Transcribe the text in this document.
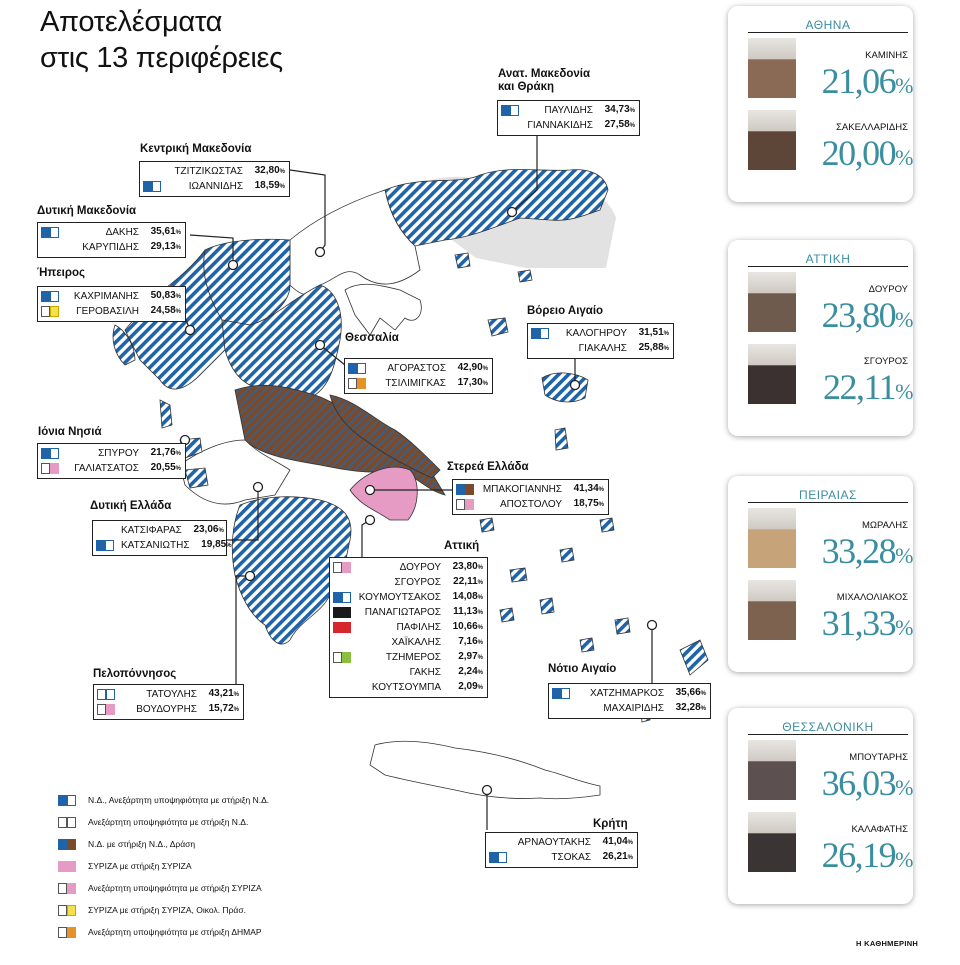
Αποτελέσματα
στις 13 περιφέρειες	Ανατ. Μακεδονία
και Θράκη
ΠΑΥΛΙΔΗΣ	34,73%
ΓΙΑΝΝΑΚΙΔΗΣ	27,58%
Κεντρική Μακεδονία
ΤΖΙΤΖΙΚΩΣΤΑΣ	32,80%
ΙΩΑΝΝΙΔΗΣ	18,59%
Δυτική Μακεδονία
ΔΑΚΗΣ	35,61%
ΚΑΡΥΠΙΔΗΣ	29,13%
Ήπειρος
ΚΑΧΡΙΜΑΝΗΣ	50,83%
ΓΕΡΟΒΑΣΙΛΗ	24,58%
Θεσσαλία
ΑΓΟΡΑΣΤΟΣ	42,90%
ΤΣΙΛΙΜΙΓΚΑΣ	17,30%
Βόρειο Αιγαίο
ΚΑΛΟΓΗΡΟΥ	31,51%
ΓΙΑΚΑΛΗΣ	25,88%
Ιόνια Νησιά
ΣΠΥΡΟΥ	21,76%
ΓΑΛΙΑΤΣΑΤΟΣ	20,55%	Στερεά Ελλάδα
ΜΠΑΚΟΓΙΑΝΝΗΣ	41,34%
ΑΠΟΣΤΟΛΟΥ	18,75%
Δυτική Ελλάδα
ΚΑΤΣΙΦΑΡΑΣ	23,06%
ΚΑΤΣΑΝΙΩΤΗΣ	19,85%	Αττική
ΔΟΥΡΟΥ	23,80%
ΣΓΟΥΡΟΣ	22,11%
ΚΟΥΜΟΥΤΣΑΚΟΣ	14,08%
ΠΑΝΑΓΙΩΤΑΡΟΣ	11,13%
ΠΑΦΙΛΗΣ	10,66%
ΧΑΪΚΑΛΗΣ	7,16%
ΤΖΗΜΕΡΟΣ	2,97%
ΓΑΚΗΣ	2,24%
ΚΟΥΤΣΟΥΜΠΑ	2,09%
Πελοπόννησος
ΤΑΤΟΥΛΗΣ	43,21%
ΒΟΥΔΟΥΡΗΣ	15,72%
Νότιο Αιγαίο
ΧΑΤΖΗΜΑΡΚΟΣ	35,66%
ΜΑΧΑΙΡΙΔΗΣ	32,28%
Κρήτη
ΑΡΝΑΟΥΤΑΚΗΣ	41,04%
ΤΣΟΚΑΣ	26,21%
ΑΘΗΝΑ
ΚΑΜΙΝΗΣ
21,06%
ΣΑΚΕΛΛΑΡΙΔΗΣ
20,00%
ΑΤΤΙΚΗ
ΔΟΥΡΟΥ
23,80%
ΣΓΟΥΡΟΣ
22,11%
ΠΕΙΡΑΙΑΣ
ΜΩΡΑΛΗΣ
33,28%
ΜΙΧΑΛΟΛΙΑΚΟΣ
31,33%
ΘΕΣΣΑΛΟΝΙΚΗ
ΜΠΟΥΤΑΡΗΣ
36,03%
ΚΑΛΑΦΑΤΗΣ
26,19%
Ν.Δ., Ανεξάρτητη υποψηφιότητα με στήριξη Ν.Δ.
Ανεξάρτητη υποψηφιότητα με στήριξη Ν.Δ.
Ν.Δ. με στήριξη Ν.Δ., Δράση
ΣΥΡΙΖΑ με στήριξη ΣΥΡΙΖΑ
Ανεξάρτητη υποψηφιότητα με στήριξη ΣΥΡΙΖΑ
ΣΥΡΙΖΑ με στήριξη ΣΥΡΙΖΑ, Οικολ. Πράσ.
Ανεξάρτητη υποψηφιότητα με στήριξη ΔΗΜΑΡ
Η ΚΑΘΗΜΕΡΙΝΗ
